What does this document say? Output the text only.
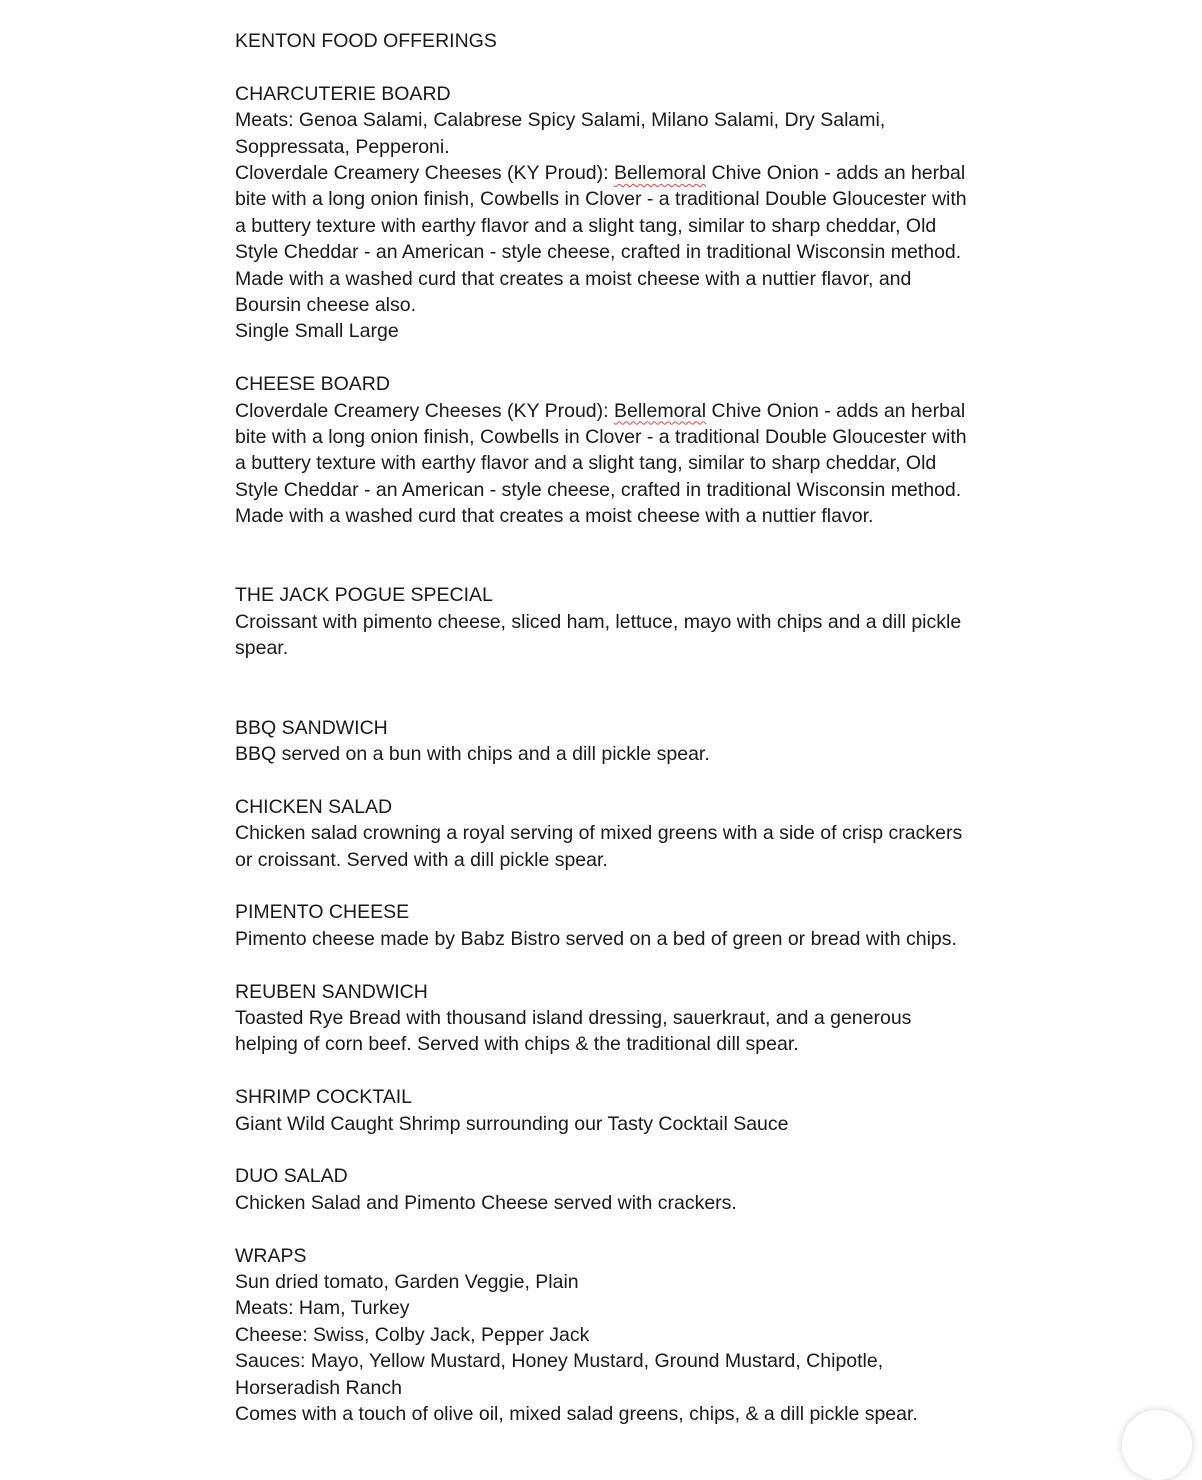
KENTON FOOD OFFERINGS
CHARCUTERIE BOARD
Meats: Genoa Salami, Calabrese Spicy Salami, Milano Salami, Dry Salami,
Soppressata, Pepperoni.
Cloverdale Creamery Cheeses (KY Proud): Bellemoral Chive Onion - adds an herbal
bite with a long onion finish, Cowbells in Clover - a traditional Double Gloucester with
a buttery texture with earthy flavor and a slight tang, similar to sharp cheddar, Old
Style Cheddar - an American - style cheese, crafted in traditional Wisconsin method.
Made with a washed curd that creates a moist cheese with a nuttier flavor, and
Boursin cheese also.
Single Small Large
CHEESE BOARD
Cloverdale Creamery Cheeses (KY Proud): Bellemoral Chive Onion - adds an herbal
bite with a long onion finish, Cowbells in Clover - a traditional Double Gloucester with
a buttery texture with earthy flavor and a slight tang, similar to sharp cheddar, Old
Style Cheddar - an American - style cheese, crafted in traditional Wisconsin method.
Made with a washed curd that creates a moist cheese with a nuttier flavor.
THE JACK POGUE SPECIAL
Croissant with pimento cheese, sliced ham, lettuce, mayo with chips and a dill pickle
spear.
BBQ SANDWICH
BBQ served on a bun with chips and a dill pickle spear.
CHICKEN SALAD
Chicken salad crowning a royal serving of mixed greens with a side of crisp crackers
or croissant. Served with a dill pickle spear.
PIMENTO CHEESE
Pimento cheese made by Babz Bistro served on a bed of green or bread with chips.
REUBEN SANDWICH
Toasted Rye Bread with thousand island dressing, sauerkraut, and a generous
helping of corn beef. Served with chips & the traditional dill spear.
SHRIMP COCKTAIL
Giant Wild Caught Shrimp surrounding our Tasty Cocktail Sauce
DUO SALAD
Chicken Salad and Pimento Cheese served with crackers.
WRAPS
Sun dried tomato, Garden Veggie, Plain
Meats: Ham, Turkey
Cheese: Swiss, Colby Jack, Pepper Jack
Sauces: Mayo, Yellow Mustard, Honey Mustard, Ground Mustard, Chipotle,
Horseradish Ranch
Comes with a touch of olive oil, mixed salad greens, chips, & a dill pickle spear.
